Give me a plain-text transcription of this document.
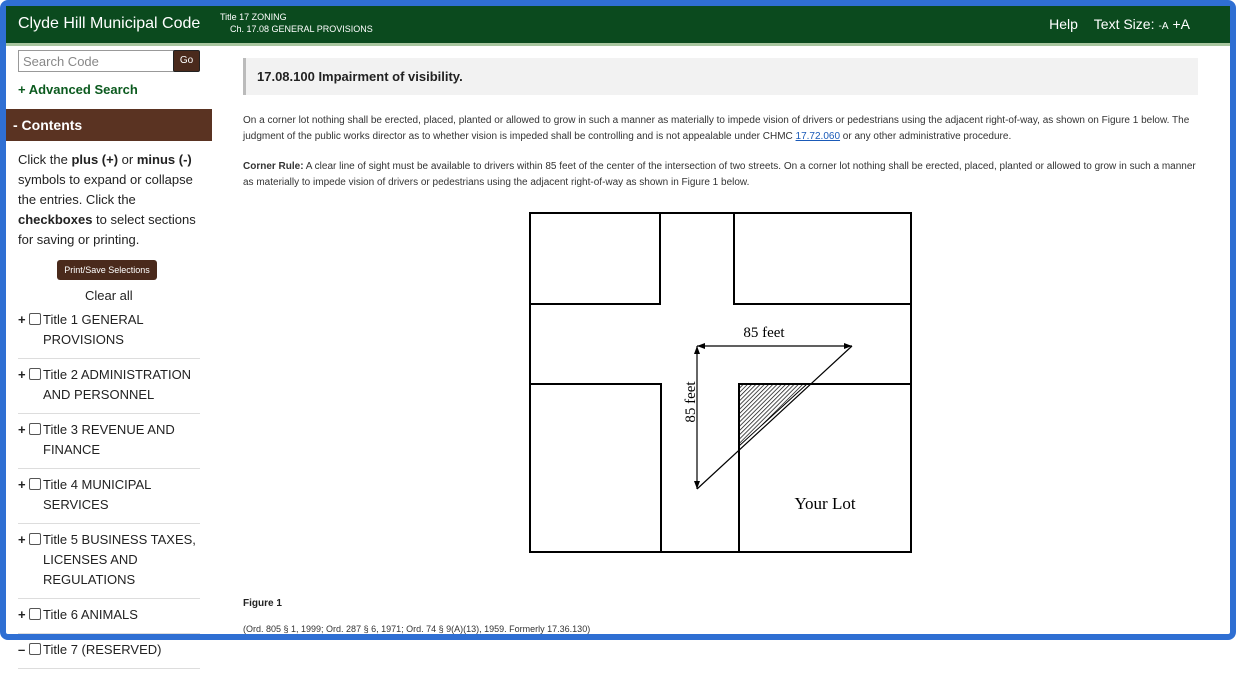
Clyde Hill Municipal Code Title 17 ZONING
Ch. 17.08 GENERAL PROVISIONS	Help Text Size: -A +A
Search Code
Go
+ Advanced Search
- Contents
Click the plus (+) or minus (-) symbols to expand or collapse the entries. Click the checkboxes to select sections for saving or printing.
Print/Save Selections
Clear all
+ Title 1 GENERAL PROVISIONS
+ Title 2 ADMINISTRATION AND PERSONNEL
+ Title 3 REVENUE AND FINANCE
+ Title 4 MUNICIPAL SERVICES
+ Title 5 BUSINESS TAXES, LICENSES AND REGULATIONS
+ Title 6 ANIMALS
– Title 7 (RESERVED)
17.08.100 Impairment of visibility.
On a corner lot nothing shall be erected, placed, planted or allowed to grow in such a manner as materially to impede vision of drivers or pedestrians using the adjacent right-of-way, as shown on Figure 1 below. The judgment of the public works director as to whether vision is impeded shall be controlling and is not appealable under CHMC 17.72.060 or any other administrative procedure.
Corner Rule: A clear line of sight must be available to drivers within 85 feet of the center of the intersection of two streets. On a corner lot nothing shall be erected, placed, planted or allowed to grow in such a manner as materially to impede vision of drivers or pedestrians using the adjacent right-of-way as shown in Figure 1 below.
85 feet
85 feet
Your Lot
Figure 1
(Ord. 805 § 1, 1999; Ord. 287 § 6, 1971; Ord. 74 § 9(A)(13), 1959. Formerly 17.36.130)
